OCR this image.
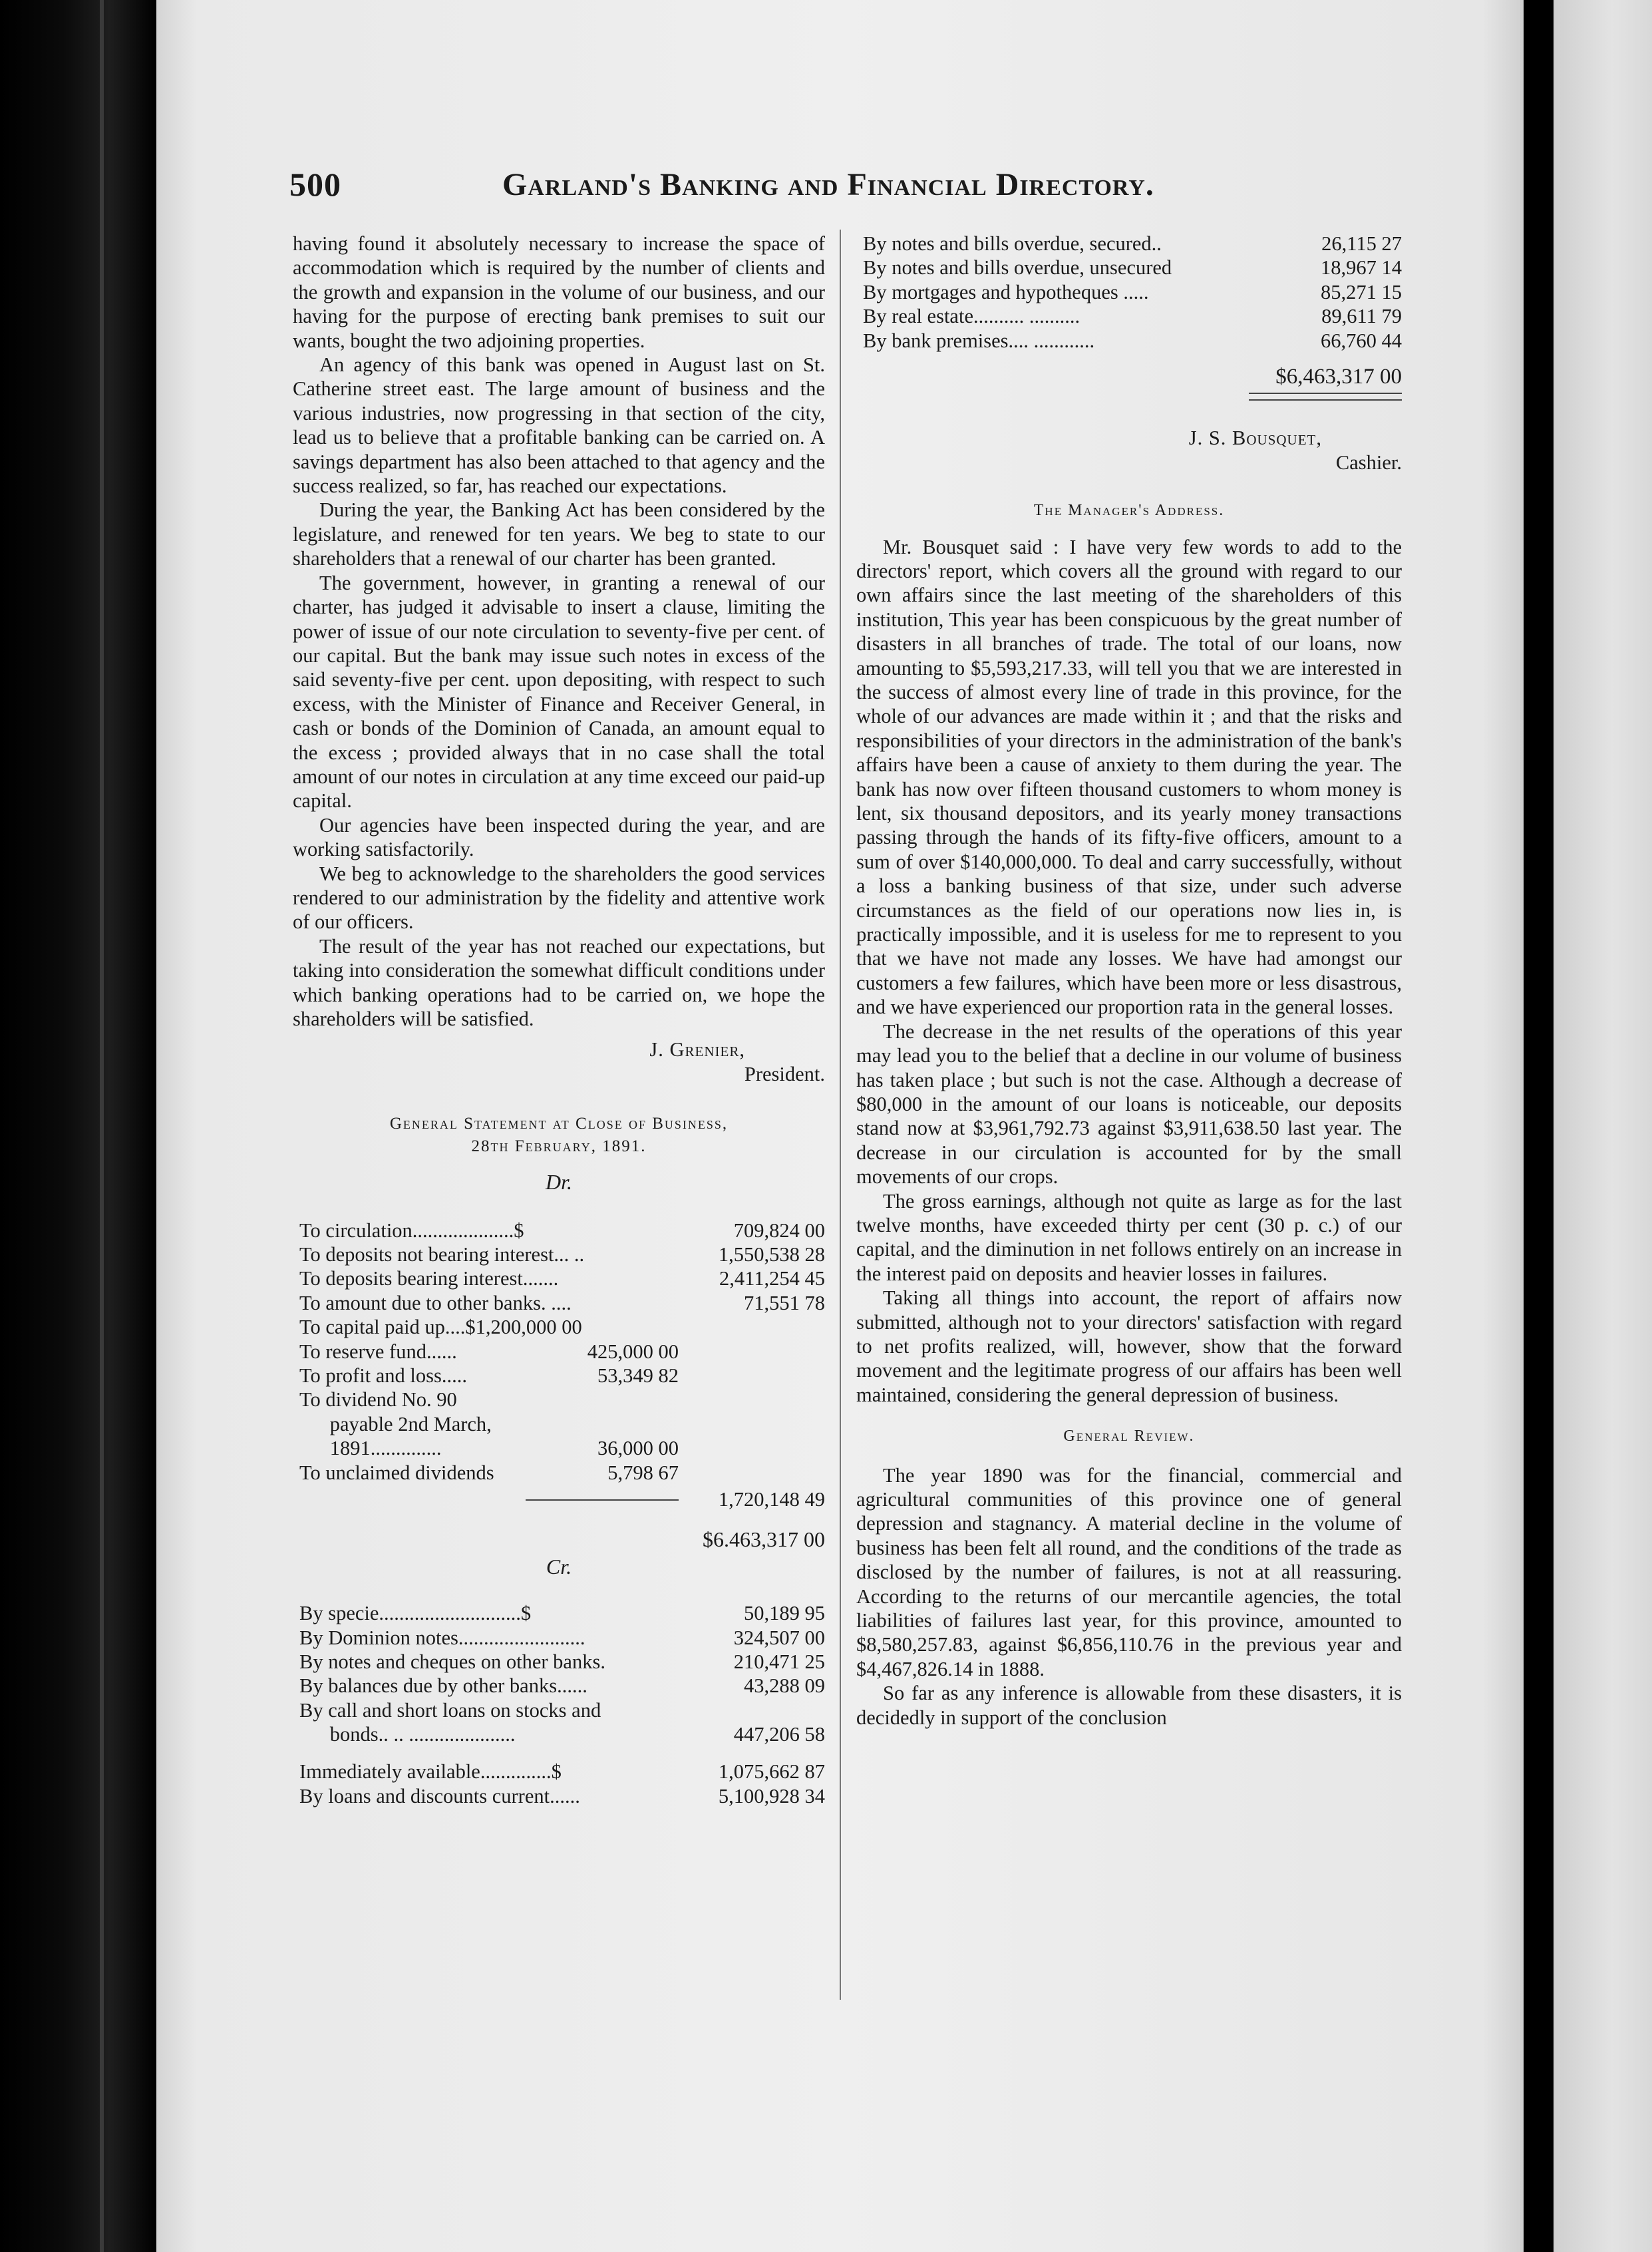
500	Garland's Banking and Financial Directory.

having found it absolutely necessary to increase the space of accommodation which is required by the number of clients and the growth and expansion in the volume of our business, and our having for the purpose of erecting bank premises to suit our wants, bought the two adjoining properties.

An agency of this bank was opened in August last on St. Catherine street east. The large amount of business and the various industries, now progressing in that section of the city, lead us to believe that a profitable banking can be carried on. A savings department has also been attached to that agency and the success realized, so far, has reached our expectations.

During the year, the Banking Act has been considered by the legislature, and renewed for ten years. We beg to state to our shareholders that a renewal of our charter has been granted.

The government, however, in granting a renewal of our charter, has judged it advisable to insert a clause, limiting the power of issue of our note circulation to seventy-five per cent. of our capital. But the bank may issue such notes in excess of the said seventy-five per cent. upon depositing, with respect to such excess, with the Minister of Finance and Receiver General, in cash or bonds of the Dominion of Canada, an amount equal to the excess ; provided always that in no case shall the total amount of our notes in circulation at any time exceed our paid-up capital.

Our agencies have been inspected during the year, and are working satisfactorily.

We beg to acknowledge to the shareholders the good services rendered to our administration by the fidelity and attentive work of our officers.

The result of the year has not reached our expectations, but taking into consideration the somewhat difficult conditions under which banking operations had to be carried on, we hope the shareholders will be satisfied.

J. Grenier,
President.
General Statement at Close of Business,
28th February, 1891.
Dr.
To circulation....................$	709,824 00
To deposits not bearing interest... ..	1,550,538 28
To deposits bearing interest.......	2,411,254 45
To amount due to other banks. ....	71,551 78
To capital paid up....$1,200,000 00
To reserve fund......	425,000 00
To profit and loss.....	53,349 82
To dividend No. 90
payable 2nd March,
1891..............	36,000 00
To unclaimed dividends	5,798 67
1,720,148 49
$6.463,317 00
Cr.
By specie............................$	50,189 95
By Dominion notes.........................	324,507 00
By notes and cheques on other banks.	210,471 25
By balances due by other banks......	43,288 09
By call and short loans on stocks and
bonds.. .. .....................	447,206 58
Immediately available..............$	1,075,662 87
By loans and discounts current......	5,100,928 34
By notes and bills overdue, secured..	26,115 27
By notes and bills overdue, unsecured	18,967 14
By mortgages and hypotheques .....	85,271 15
By real estate.......... ..........	89,611 79
By bank premises.... ............	66,760 44
$6,463,317 00
J. S. Bousquet,
Cashier.
The Manager's Address.

Mr. Bousquet said : I have very few words to add to the directors' report, which covers all the ground with regard to our own affairs since the last meeting of the shareholders of this institution, This year has been conspicuous by the great number of disasters in all branches of trade. The total of our loans, now amounting to $5,593,217.33, will tell you that we are interested in the success of almost every line of trade in this province, for the whole of our advances are made within it ; and that the risks and responsibilities of your directors in the administration of the bank's affairs have been a cause of anxiety to them during the year. The bank has now over fifteen thousand customers to whom money is lent, six thousand depositors, and its yearly money transactions passing through the hands of its fifty-five officers, amount to a sum of over $140,000,000. To deal and carry successfully, without a loss a banking business of that size, under such adverse circumstances as the field of our operations now lies in, is practically impossible, and it is useless for me to represent to you that we have not made any losses. We have had amongst our customers a few failures, which have been more or less disastrous, and we have experienced our proportion rata in the general losses.

The decrease in the net results of the operations of this year may lead you to the belief that a decline in our volume of business has taken place ; but such is not the case. Although a decrease of $80,000 in the amount of our loans is noticeable, our deposits stand now at $3,961,792.73 against $3,911,638.50 last year. The decrease in our circulation is accounted for by the small movements of our crops.

The gross earnings, although not quite as large as for the last twelve months, have exceeded thirty per cent (30 p. c.) of our capital, and the diminution in net follows entirely on an increase in the interest paid on deposits and heavier losses in failures.

Taking all things into account, the report of affairs now submitted, although not to your directors' satisfaction with regard to net profits realized, will, however, show that the forward movement and the legitimate progress of our affairs has been well maintained, considering the general depression of business.

General Review.

The year 1890 was for the financial, commercial and agricultural communities of this province one of general depression and stagnancy. A material decline in the volume of business has been felt all round, and the conditions of the trade as disclosed by the number of failures, is not at all reassuring. According to the returns of our mercantile agencies, the total liabilities of failures last year, for this province, amounted to $8,580,257.83, against $6,856,110.76 in the previous year and $4,467,826.14 in 1888.

So far as any inference is allowable from these disasters, it is decidedly in support of the conclusion
